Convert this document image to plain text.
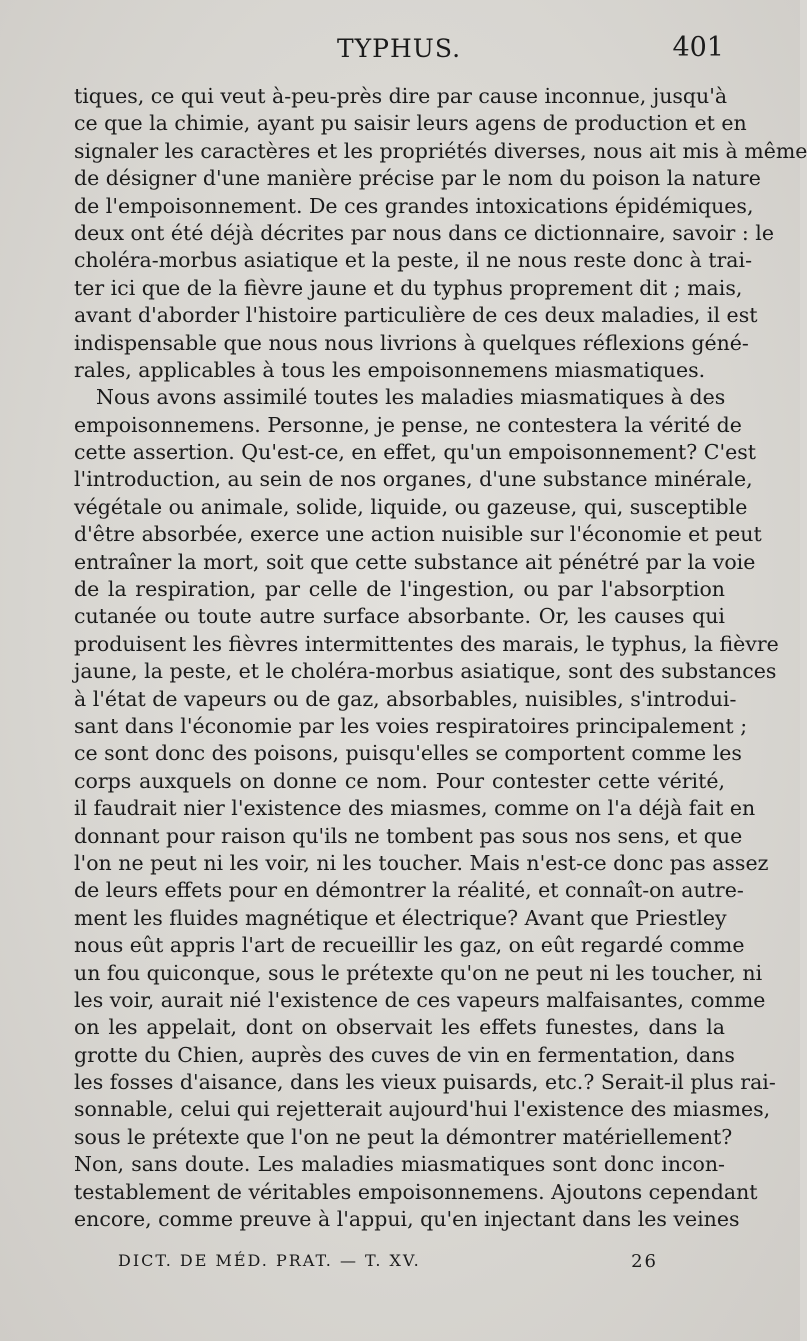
TYPHUS.	401
tiques, ce qui veut à-peu-près dire par cause inconnue, jusqu'à
ce que la chimie, ayant pu saisir leurs agens de production et en
signaler les caractères et les propriétés diverses, nous ait mis à même
de désigner d'une manière précise par le nom du poison la nature
de l'empoisonnement. De ces grandes intoxications épidémiques,
deux ont été déjà décrites par nous dans ce dictionnaire, savoir : le
choléra-morbus asiatique et la peste, il ne nous reste donc à trai-
ter ici que de la fièvre jaune et du typhus proprement dit ; mais,
avant d'aborder l'histoire particulière de ces deux maladies, il est
indispensable que nous nous livrions à quelques réflexions géné-
rales, applicables à tous les empoisonnemens miasmatiques.
Nous avons assimilé toutes les maladies miasmatiques à des
empoisonnemens. Personne, je pense, ne contestera la vérité de
cette assertion. Qu'est-ce, en effet, qu'un empoisonnement? C'est
l'introduction, au sein de nos organes, d'une substance minérale,
végétale ou animale, solide, liquide, ou gazeuse, qui, susceptible
d'être absorbée, exerce une action nuisible sur l'économie et peut
entraîner la mort, soit que cette substance ait pénétré par la voie
de la respiration, par celle de l'ingestion, ou par l'absorption
cutanée ou toute autre surface absorbante. Or, les causes qui
produisent les fièvres intermittentes des marais, le typhus, la fièvre
jaune, la peste, et le choléra-morbus asiatique, sont des substances
à l'état de vapeurs ou de gaz, absorbables, nuisibles, s'introdui-
sant dans l'économie par les voies respiratoires principalement ;
ce sont donc des poisons, puisqu'elles se comportent comme les
corps auxquels on donne ce nom. Pour contester cette vérité,
il faudrait nier l'existence des miasmes, comme on l'a déjà fait en
donnant pour raison qu'ils ne tombent pas sous nos sens, et que
l'on ne peut ni les voir, ni les toucher. Mais n'est-ce donc pas assez
de leurs effets pour en démontrer la réalité, et connaît-on autre-
ment les fluides magnétique et électrique? Avant que Priestley
nous eût appris l'art de recueillir les gaz, on eût regardé comme
un fou quiconque, sous le prétexte qu'on ne peut ni les toucher, ni
les voir, aurait nié l'existence de ces vapeurs malfaisantes, comme
on les appelait, dont on observait les effets funestes, dans la
grotte du Chien, auprès des cuves de vin en fermentation, dans
les fosses d'aisance, dans les vieux puisards, etc.? Serait-il plus rai-
sonnable, celui qui rejetterait aujourd'hui l'existence des miasmes,
sous le prétexte que l'on ne peut la démontrer matériellement?
Non, sans doute. Les maladies miasmatiques sont donc incon-
testablement de véritables empoisonnemens. Ajoutons cependant
encore, comme preuve à l'appui, qu'en injectant dans les veines
DICT. DE MÉD. PRAT. — T. XV.	26
